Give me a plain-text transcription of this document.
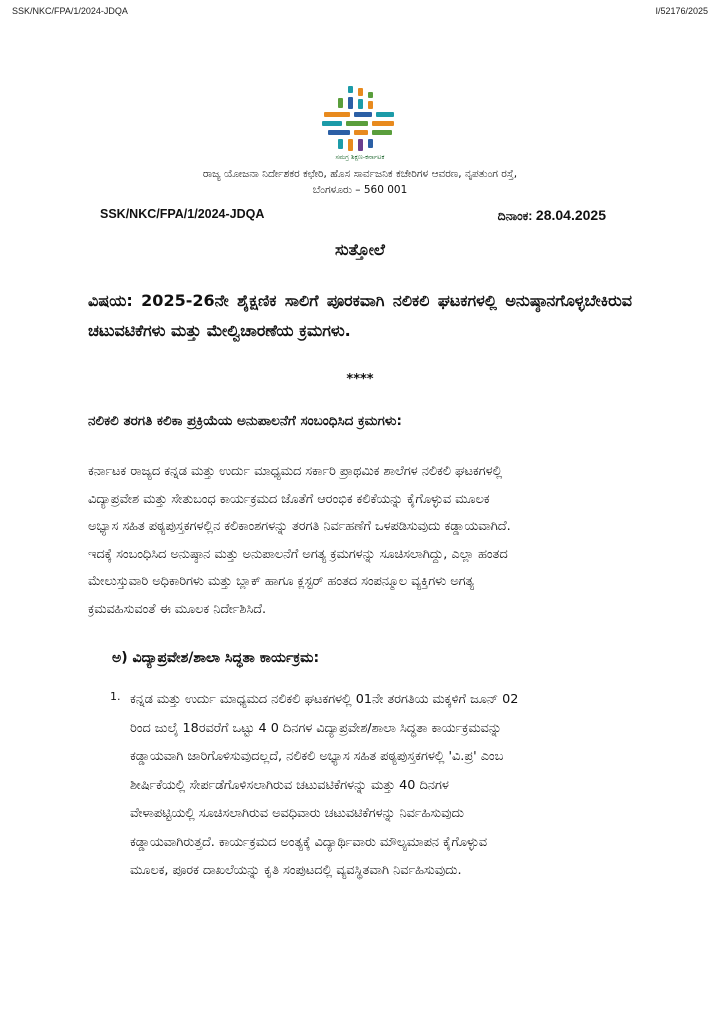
SSK/NKC/FPA/1/2024-JDQA	I/52176/2025
ಸಮಗ್ರ ಶಿಕ್ಷಣ-ಕರ್ನಾಟಕ
ರಾಜ್ಯ ಯೋಜನಾ ನಿರ್ದೇಶಕರ ಕಛೇರಿ, ಹೊಸ ಸಾರ್ವಜನಿಕ ಕಚೇರಿಗಳ ಆವರಣ, ನೃಪತುಂಗ ರಸ್ತೆ,
ಬೆಂಗಳೂರು – 560 001
SSK/NKC/FPA/1/2024-JDQA	ದಿನಾಂಕ: 28.04.2025
ಸುತ್ತೋಲೆ
ವಿಷಯ: 2025-26ನೇ ಶೈಕ್ಷಣಿಕ ಸಾಲಿಗೆ ಪೂರಕವಾಗಿ ನಲಿಕಲಿ ಘಟಕಗಳಲ್ಲಿ ಅನುಷ್ಠಾನಗೊಳ್ಳಬೇಕಿರುವ ಚಟುವಟಿಕೆಗಳು ಮತ್ತು ಮೇಲ್ವಿಚಾರಣೆಯ ಕ್ರಮಗಳು.
****
ನಲಿಕಲಿ ತರಗತಿ ಕಲಿಕಾ ಪ್ರಕ್ರಿಯೆಯ ಅನುಪಾಲನೆಗೆ ಸಂಬಂಧಿಸಿದ ಕ್ರಮಗಳು:
ಕರ್ನಾಟಕ ರಾಜ್ಯದ ಕನ್ನಡ ಮತ್ತು ಉರ್ದು ಮಾಧ್ಯಮದ ಸರ್ಕಾರಿ ಪ್ರಾಥಮಿಕ ಶಾಲೆಗಳ ನಲಿಕಲಿ ಘಟಕಗಳಲ್ಲಿ
ವಿದ್ಯಾಪ್ರವೇಶ ಮತ್ತು ಸೇತುಬಂಧ ಕಾರ್ಯಕ್ರಮದ ಜೊತೆಗೆ ಆರಂಭಿಕ ಕಲಿಕೆಯನ್ನು ಕೈಗೊಳ್ಳುವ ಮೂಲಕ
ಅಭ್ಯಾಸ ಸಹಿತ ಪಠ್ಯಪುಸ್ತಕಗಳಲ್ಲಿನ ಕಲಿಕಾಂಶಗಳನ್ನು ತರಗತಿ ನಿರ್ವಹಣೆಗೆ ಒಳಪಡಿಸುವುದು ಕಡ್ಡಾಯವಾಗಿದೆ.
ಇದಕ್ಕೆ ಸಂಬಂಧಿಸಿದ ಅನುಷ್ಠಾನ ಮತ್ತು ಅನುಪಾಲನೆಗೆ ಅಗತ್ಯ ಕ್ರಮಗಳನ್ನು ಸೂಚಿಸಲಾಗಿದ್ದು, ಎಲ್ಲಾ ಹಂತದ
ಮೇಲುಸ್ತುವಾರಿ ಅಧಿಕಾರಿಗಳು ಮತ್ತು ಬ್ಲಾಕ್ ಹಾಗೂ ಕ್ಲಸ್ಟರ್ ಹಂತದ ಸಂಪನ್ಮೂಲ ವ್ಯಕ್ತಿಗಳು ಅಗತ್ಯ
ಕ್ರಮವಹಿಸುವಂತೆ ಈ ಮೂಲಕ ನಿರ್ದೇಶಿಸಿದೆ.
ಅ) ವಿದ್ಯಾಪ್ರವೇಶ/ಶಾಲಾ ಸಿದ್ಧತಾ ಕಾರ್ಯಕ್ರಮ:
1. ಕನ್ನಡ ಮತ್ತು ಉರ್ದು ಮಾಧ್ಯಮದ ನಲಿಕಲಿ ಘಟಕಗಳಲ್ಲಿ 01ನೇ ತರಗತಿಯ ಮಕ್ಕಳಿಗೆ ಜೂನ್ 02
ರಿಂದ ಜುಲೈ 18ರವರೆಗೆ ಒಟ್ಟು 4 0 ದಿನಗಳ ವಿದ್ಯಾಪ್ರವೇಶ/ಶಾಲಾ ಸಿದ್ಧತಾ ಕಾರ್ಯಕ್ರಮವನ್ನು
ಕಡ್ಡಾಯವಾಗಿ ಜಾರಿಗೊಳಿಸುವುದಲ್ಲದೆ, ನಲಿಕಲಿ ಅಭ್ಯಾಸ ಸಹಿತ ಪಠ್ಯಪುಸ್ತಕಗಳಲ್ಲಿ 'ವಿ.ಪ್ರ' ಎಂಬ
ಶೀರ್ಷಿಕೆಯಲ್ಲಿ ಸೇರ್ಪಡೆಗೊಳಿಸಲಾಗಿರುವ ಚಟುವಟಿಕೆಗಳನ್ನು ಮತ್ತು 40 ದಿನಗಳ
ವೇಳಾಪಟ್ಟಿಯಲ್ಲಿ ಸೂಚಿಸಲಾಗಿರುವ ಅವಧಿವಾರು ಚಟುವಟಿಕೆಗಳನ್ನು ನಿರ್ವಹಿಸುವುದು
ಕಡ್ಡಾಯವಾಗಿರುತ್ತದೆ. ಕಾರ್ಯಕ್ರಮದ ಅಂತ್ಯಕ್ಕೆ ವಿದ್ಯಾರ್ಥಿವಾರು ಮೌಲ್ಯಮಾಪನ ಕೈಗೊಳ್ಳುವ
ಮೂಲಕ, ಪೂರಕ ದಾಖಲೆಯನ್ನು ಕೃತಿ ಸಂಪುಟದಲ್ಲಿ ವ್ಯವಸ್ಥಿತವಾಗಿ ನಿರ್ವಹಿಸುವುದು.
